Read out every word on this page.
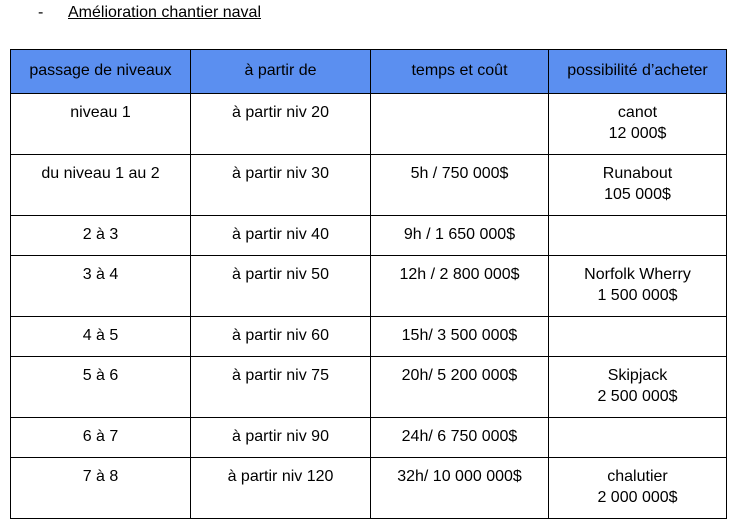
- Amélioration chantier naval
passage de niveaux	à partir de	temps et coût	possibilité d’acheter
niveau 1	à partir niv 20		canot
12 000$

du niveau 1 au 2	à partir niv 30	5h / 750 000$	Runabout
105 000$

2 à 3	à partir niv 40	9h / 1 650 000$	
3 à 4	à partir niv 50	12h / 2 800 000$	Norfolk Wherry
1 500 000$

4 à 5	à partir niv 60	15h/ 3 500 000$	
5 à 6	à partir niv 75	20h/ 5 200 000$	Skipjack
2 500 000$

6 à 7	à partir niv 90	24h/ 6 750 000$	
7 à 8	à partir niv 120	32h/ 10 000 000$	chalutier
2 000 000$
